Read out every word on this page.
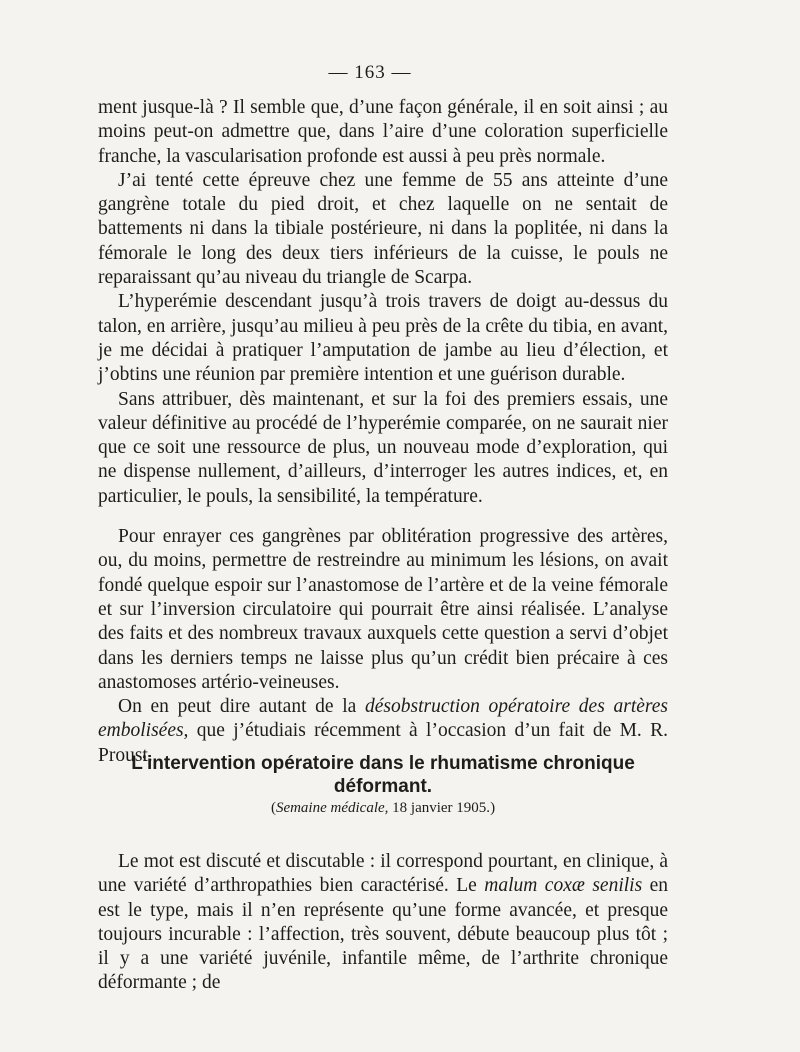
— 163 —

ment jusque-là ? Il semble que, d’une façon générale, il en soit ainsi ; au moins peut-on admettre que, dans l’aire d’une coloration superficielle franche, la vascularisation profonde est aussi à peu près normale.

J’ai tenté cette épreuve chez une femme de 55 ans atteinte d’une gangrène totale du pied droit, et chez laquelle on ne sentait de battements ni dans la tibiale postérieure, ni dans la poplitée, ni dans la fémorale le long des deux tiers inférieurs de la cuisse, le pouls ne reparaissant qu’au niveau du triangle de Scarpa.

L’hyperémie descendant jusqu’à trois travers de doigt au-dessus du talon, en arrière, jusqu’au milieu à peu près de la crête du tibia, en avant, je me décidai à pratiquer l’amputation de jambe au lieu d’élection, et j’obtins une réunion par première intention et une guérison durable.

Sans attribuer, dès maintenant, et sur la foi des premiers essais, une valeur définitive au procédé de l’hyperémie comparée, on ne saurait nier que ce soit une ressource de plus, un nouveau mode d’exploration, qui ne dispense nullement, d’ailleurs, d’interroger les autres indices, et, en particulier, le pouls, la sensibilité, la température.

Pour enrayer ces gangrènes par oblitération progressive des artères, ou, du moins, permettre de restreindre au minimum les lésions, on avait fondé quelque espoir sur l’anastomose de l’artère et de la veine fémorale et sur l’inversion circulatoire qui pourrait être ainsi réalisée. L’analyse des faits et des nombreux travaux auxquels cette question a servi d’objet dans les derniers temps ne laisse plus qu’un crédit bien précaire à ces anastomoses artério-veineuses.

On en peut dire autant de la désobstruction opératoire des artères embolisées, que j’étudiais récemment à l’occasion d’un fait de M. R. Proust.

L’intervention opératoire dans le rhumatisme chronique déformant.
(Semaine médicale, 18 janvier 1905.)

Le mot est discuté et discutable : il correspond pourtant, en clinique, à une variété d’arthropathies bien caractérisé. Le malum coxæ senilis en est le type, mais il n’en représente qu’une forme avancée, et presque toujours incurable : l’affection, très souvent, débute beaucoup plus tôt ; il y a une variété juvénile, infantile même, de l’arthrite chronique déformante ; de
